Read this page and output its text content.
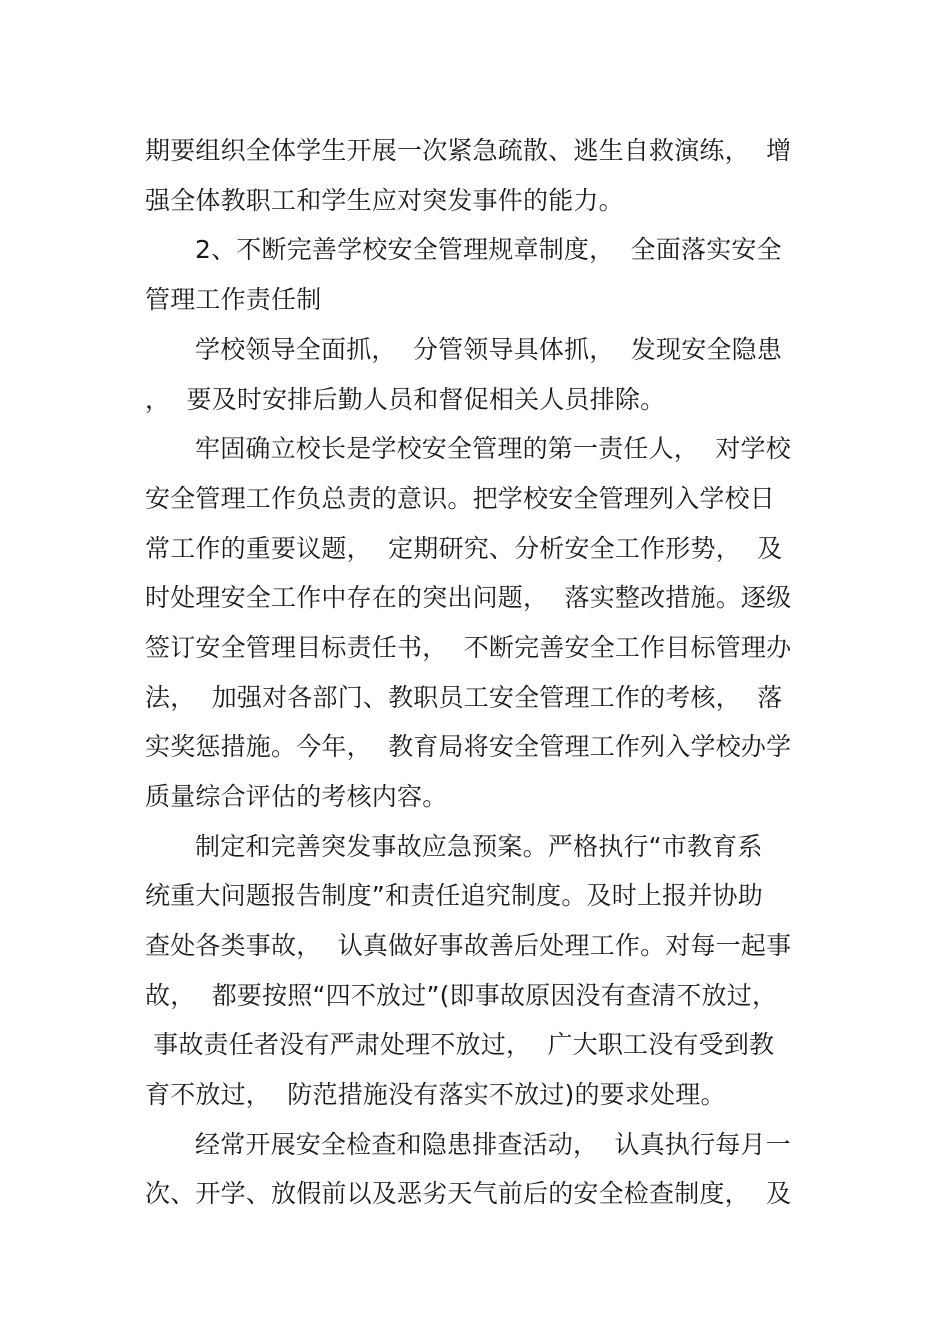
期要组织全体学生开展一次紧急疏散、逃生自救演练，  增
强全体教职工和学生应对突发事件的能力。
2、不断完善学校安全管理规章制度，  全面落实安全
管理工作责任制
学校领导全面抓，  分管领导具体抓，  发现安全隐患
，  要及时安排后勤人员和督促相关人员排除。
牢固确立校长是学校安全管理的第一责任人，  对学校
安全管理工作负总责的意识。把学校安全管理列入学校日
常工作的重要议题，  定期研究、分析安全工作形势，  及
时处理安全工作中存在的突出问题，  落实整改措施。逐级
签订安全管理目标责任书，  不断完善安全工作目标管理办
法，  加强对各部门、教职员工安全管理工作的考核，  落
实奖惩措施。今年，  教育局将安全管理工作列入学校办学
质量综合评估的考核内容。
制定和完善突发事故应急预案。严格执行“市教育系
统重大问题报告制度”和责任追究制度。及时上报并协助
查处各类事故，  认真做好事故善后处理工作。对每一起事
故，  都要按照“四不放过”(即事故原因没有查清不放过，
事故责任者没有严肃处理不放过，  广大职工没有受到教
育不放过，  防范措施没有落实不放过)的要求处理。
经常开展安全检查和隐患排查活动，  认真执行每月一
次、开学、放假前以及恶劣天气前后的安全检查制度，  及
